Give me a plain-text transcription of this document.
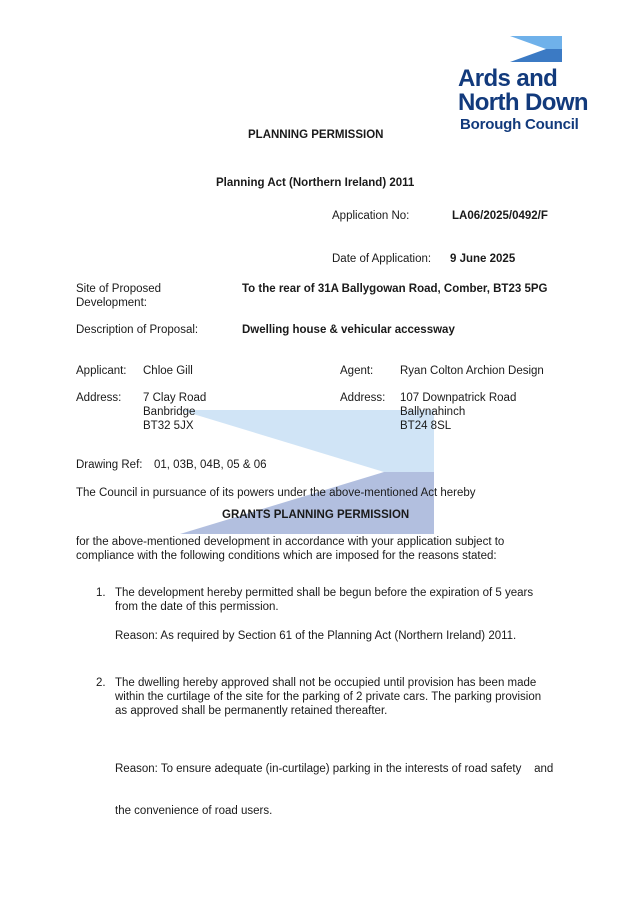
Ards and
North Down
Borough Council
PLANNING PERMISSION
Planning Act (Northern Ireland) 2011
Application No:	LA06/2025/0492/F
Date of Application: 9 June 2025
Site of Proposed
Development:
To the rear of 31A Ballygowan Road, Comber, BT23 5PG
Description of Proposal:	Dwelling house & vehicular accessway
Applicant: Chloe Gill
Address: 7 Clay Road
Banbridge
BT32 5JX
Agent: Ryan Colton Archion Design
Address: 107 Downpatrick Road
Ballynahinch
BT24 8SL
Drawing Ref: 01, 03B, 04B, 05 & 06
The Council in pursuance of its powers under the above-mentioned Act hereby
GRANTS PLANNING PERMISSION
for the above-mentioned development in accordance with your application subject to
compliance with the following conditions which are imposed for the reasons stated:
1. The development hereby permitted shall be begun before the expiration of 5 years
from the date of this permission.
Reason: As required by Section 61 of the Planning Act (Northern Ireland) 2011.
2. The dwelling hereby approved shall not be occupied until provision has been made
within the curtilage of the site for the parking of 2 private cars. The parking provision
as approved shall be permanently retained thereafter.

Reason: To ensure adequate (in-curtilage) parking in the interests of road safety    and

the convenience of road users.
